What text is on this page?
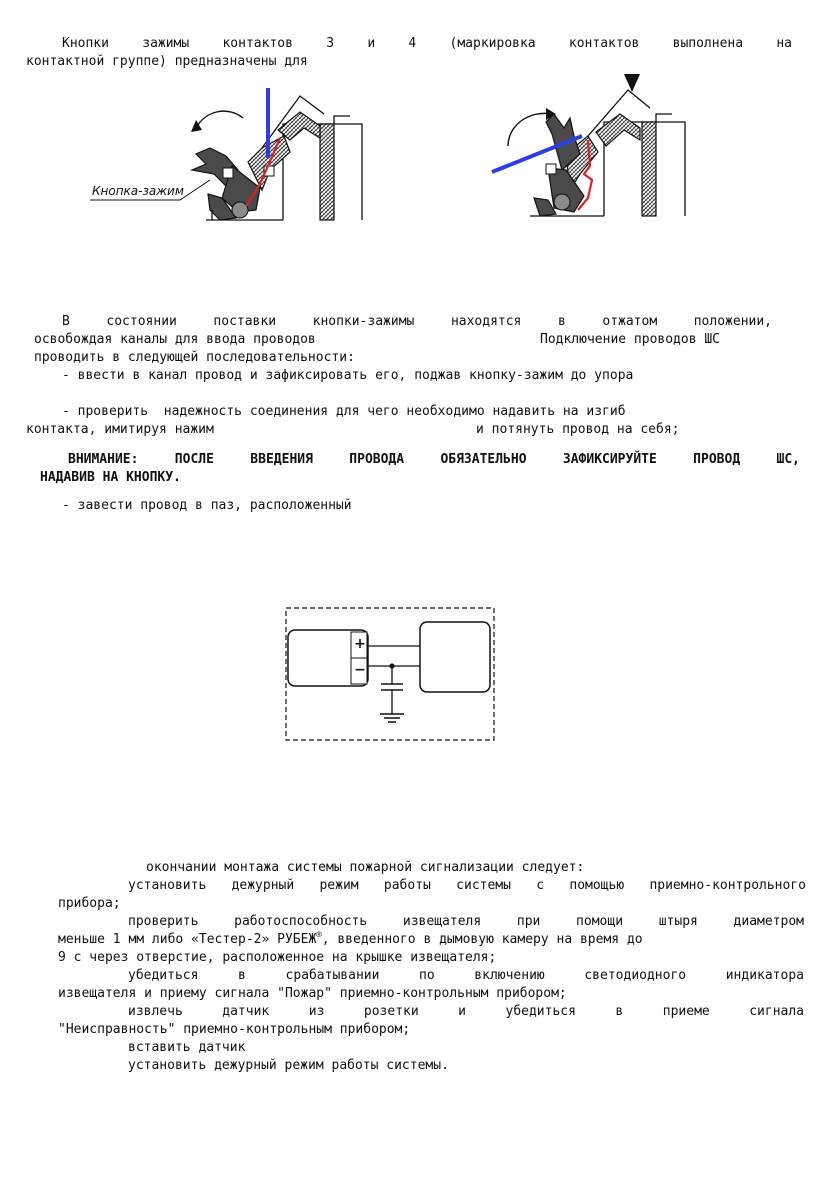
Кнопки зажимы контактов 3 и 4 (маркировка контактов выполнена на
контактной группе) предназначены для
Кнопка-зажим
В состоянии поставки кнопки-зажимы находятся в отжатом положении,
освобождая каналы для ввода проводов	Подключение проводов ШС
проводить в следующей последовательности:
- ввести в канал провод и зафиксировать его, поджав кнопку-зажим до упора
- проверить  надежность соединения для чего необходимо надавить на изгиб
контакта, имитируя нажим	и потянуть провод на себя;
ВНИМАНИЕ: ПОСЛЕ ВВЕДЕНИЯ ПРОВОДА ОБЯЗАТЕЛЬНО ЗАФИКСИРУЙТЕ ПРОВОД ШС,
НАДАВИВ НА КНОПКУ.
- завести провод в паз, расположенный
+
−
окончании монтажа системы пожарной сигнализации следует:
установить дежурный режим работы системы с помощью приемно-контрольного
прибора;
проверить работоспособность извещателя при помощи штыря диаметром
меньше 1 мм либо «Тестер-2» РУБЕЖ®, введенного в дымовую камеру на время до
9 с через отверстие, расположенное на крышке извещателя;
убедиться в срабатывании по включению светодиодного индикатора
извещателя и приему сигнала "Пожар" приемно-контрольным прибором;
извлечь датчик из розетки и убедиться в приеме сигнала
"Неисправность" приемно-контрольным прибором;
вставить датчик
установить дежурный режим работы системы.
